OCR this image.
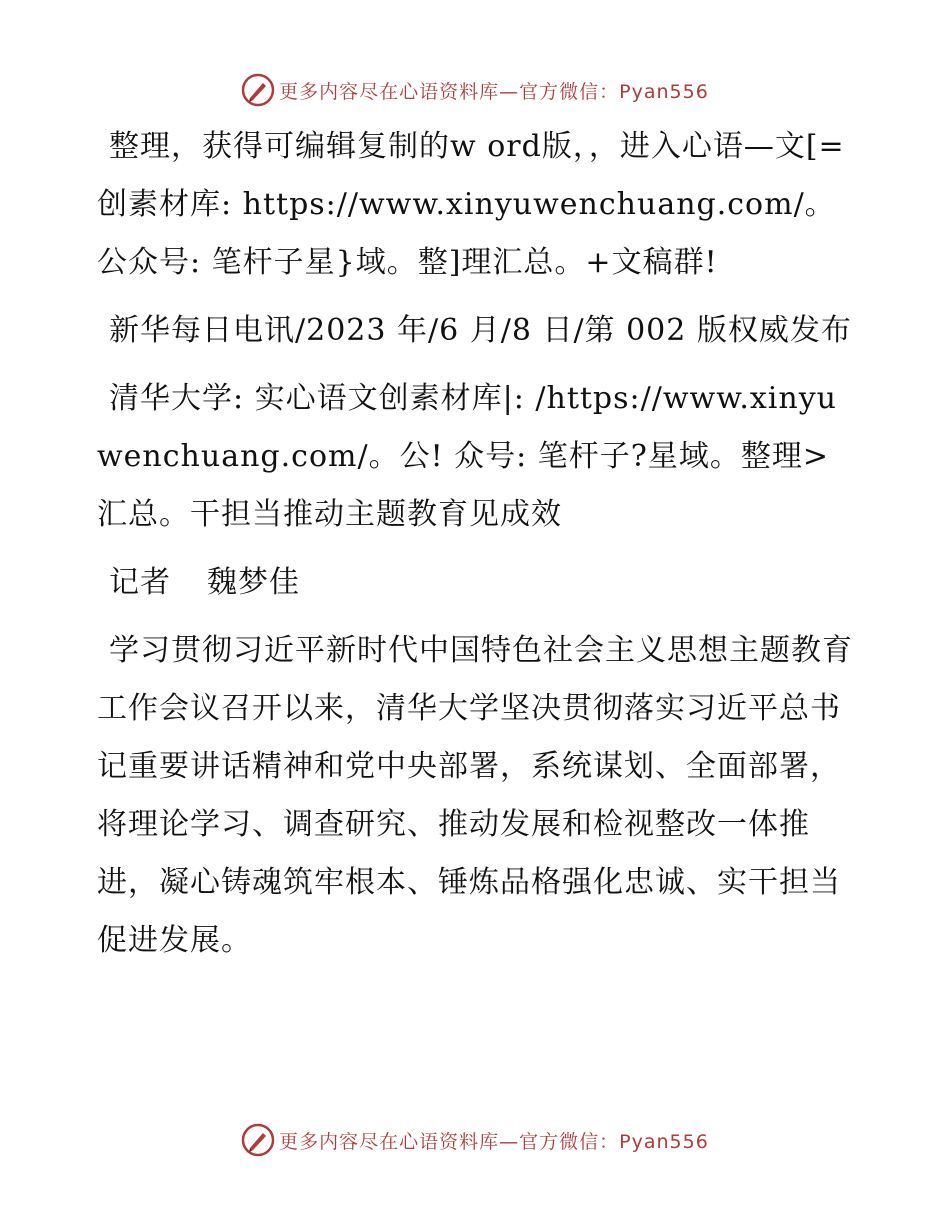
更多内容尽在心语资料库—官方微信：Pyan556

整理，获得可编辑复制的w ord版，，进入心语—文[=创素材库: https://www.xinyuwenchuang.com/。公众号: 笔杆子星}域。整]理汇总。+文稿群!

新华每日电讯/2023 年/6 月/8 日/第 002 版权威发布

清华大学: 实心语文创素材库|: /https://www.xinyuwenchuang.com/。公! 众号: 笔杆子?星域。整理>汇总。干担当推动主题教育见成效

记者 魏梦佳

学习贯彻习近平新时代中国特色社会主义思想主题教育工作会议召开以来，清华大学坚决贯彻落实习近平总书记重要讲话精神和党中央部署，系统谋划、全面部署，将理论学习、调查研究、推动发展和检视整改一体推进，凝心铸魂筑牢根本、锤炼品格强化忠诚、实干担当促进发展。

更多内容尽在心语资料库—官方微信：Pyan556
